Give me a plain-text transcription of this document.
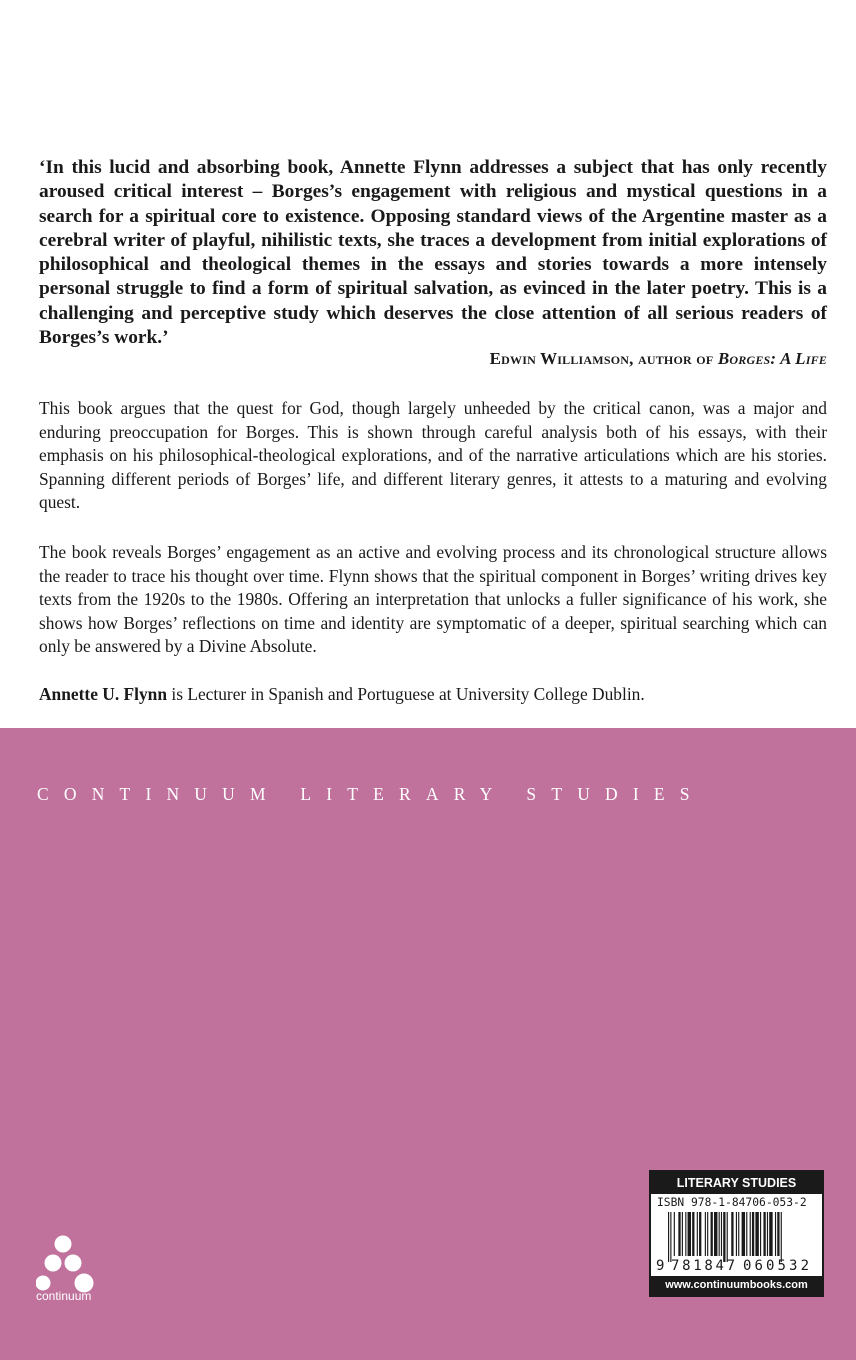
‘In this lucid and absorbing book, Annette Flynn addresses a subject that has only recently aroused critical interest – Borges’s engagement with religious and mystical questions in a search for a spiritual core to existence. Opposing standard views of the Argentine master as a cerebral writer of playful, nihilistic texts, she traces a development from initial explorations of philosophical and theological themes in the essays and stories towards a more intensely personal struggle to find a form of spiritual salvation, as evinced in the later poetry. This is a challenging and perceptive study which deserves the close attention of all serious readers of Borges’s work.’
Edwin Williamson, author of Borges: A Life
This book argues that the quest for God, though largely unheeded by the critical canon, was a major and enduring preoccupation for Borges. This is shown through careful analysis both of his essays, with their emphasis on his philosophical-theological explorations, and of the narrative articulations which are his stories. Spanning different periods of Borges’ life, and different literary genres, it attests to a maturing and evolving quest.
The book reveals Borges’ engagement as an active and evolving process and its chronological structure allows the reader to trace his thought over time. Flynn shows that the spiritual component in Borges’ writing drives key texts from the 1920s to the 1980s. Offering an interpretation that unlocks a fuller significance of his work, she shows how Borges’ reflections on time and identity are symptomatic of a deeper, spiritual searching which can only be answered by a Divine Absolute.
Annette U. Flynn is Lecturer in Spanish and Portuguese at University College Dublin.
CONTINUUM LITERARY STUDIES
continuum
LITERARY STUDIES
ISBN 978-1-84706-053-2
9 781847 060532
www.continuumbooks.com
